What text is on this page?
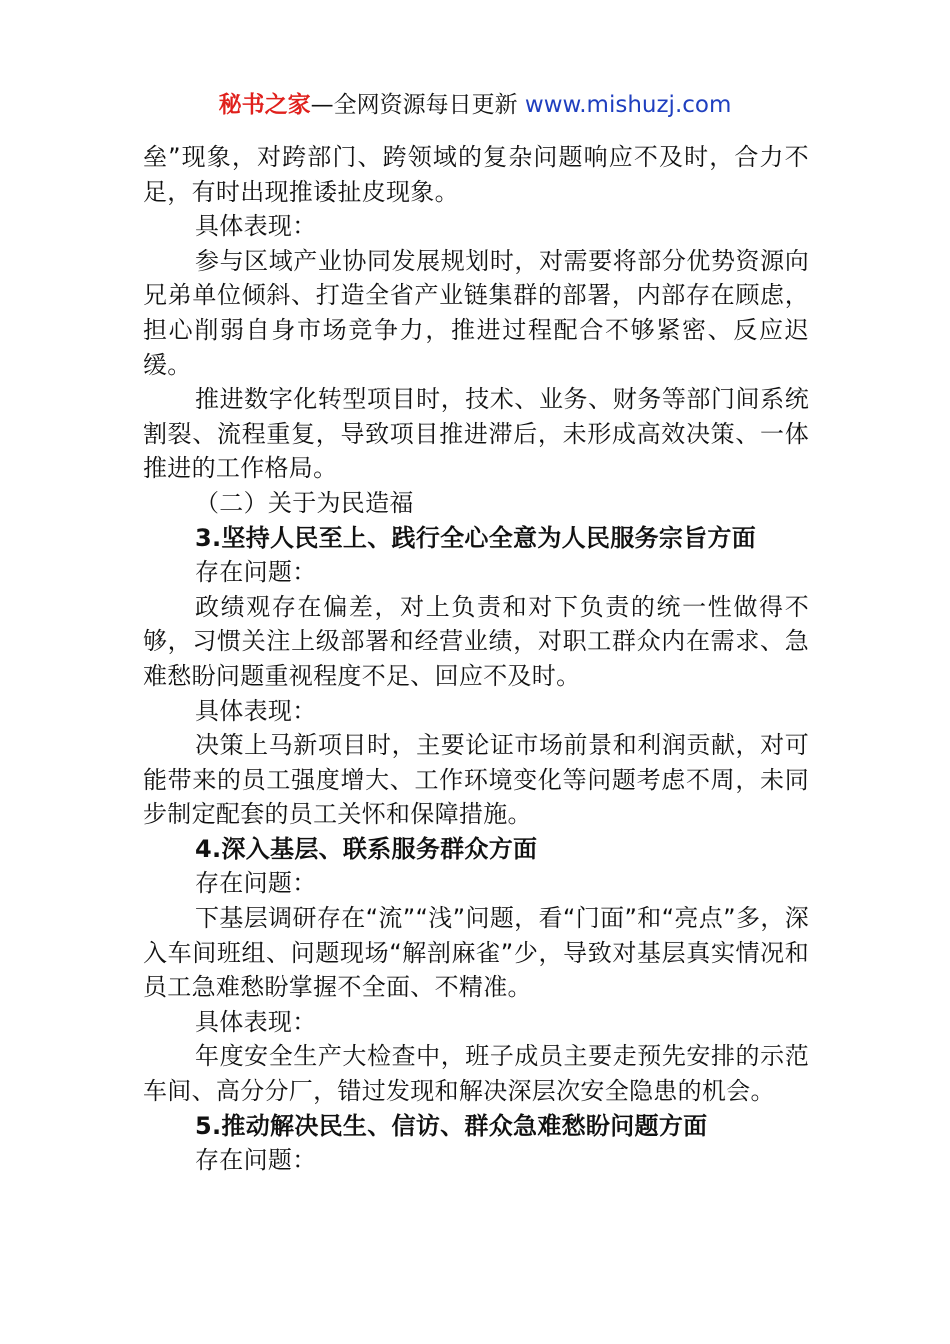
秘书之家—全网资源每日更新 www.mishuzj.com

垒”现象，对跨部门、跨领域的复杂问题响应不及时，合力不足，有时出现推诿扯皮现象。

具体表现：

参与区域产业协同发展规划时，对需要将部分优势资源向兄弟单位倾斜、打造全省产业链集群的部署，内部存在顾虑，担心削弱自身市场竞争力，推进过程配合不够紧密、反应迟缓。

推进数字化转型项目时，技术、业务、财务等部门间系统割裂、流程重复，导致项目推进滞后，未形成高效决策、一体推进的工作格局。

（二）关于为民造福

3.坚持人民至上、践行全心全意为人民服务宗旨方面

存在问题：

政绩观存在偏差，对上负责和对下负责的统一性做得不够，习惯关注上级部署和经营业绩，对职工群众内在需求、急难愁盼问题重视程度不足、回应不及时。

具体表现：

决策上马新项目时，主要论证市场前景和利润贡献，对可能带来的员工强度增大、工作环境变化等问题考虑不周，未同步制定配套的员工关怀和保障措施。

4.深入基层、联系服务群众方面

存在问题：

下基层调研存在“流”“浅”问题，看“门面”和“亮点”多，深入车间班组、问题现场“解剖麻雀”少，导致对基层真实情况和员工急难愁盼掌握不全面、不精准。

具体表现：

年度安全生产大检查中，班子成员主要走预先安排的示范车间、高分分厂，错过发现和解决深层次安全隐患的机会。

5.推动解决民生、信访、群众急难愁盼问题方面

存在问题：
